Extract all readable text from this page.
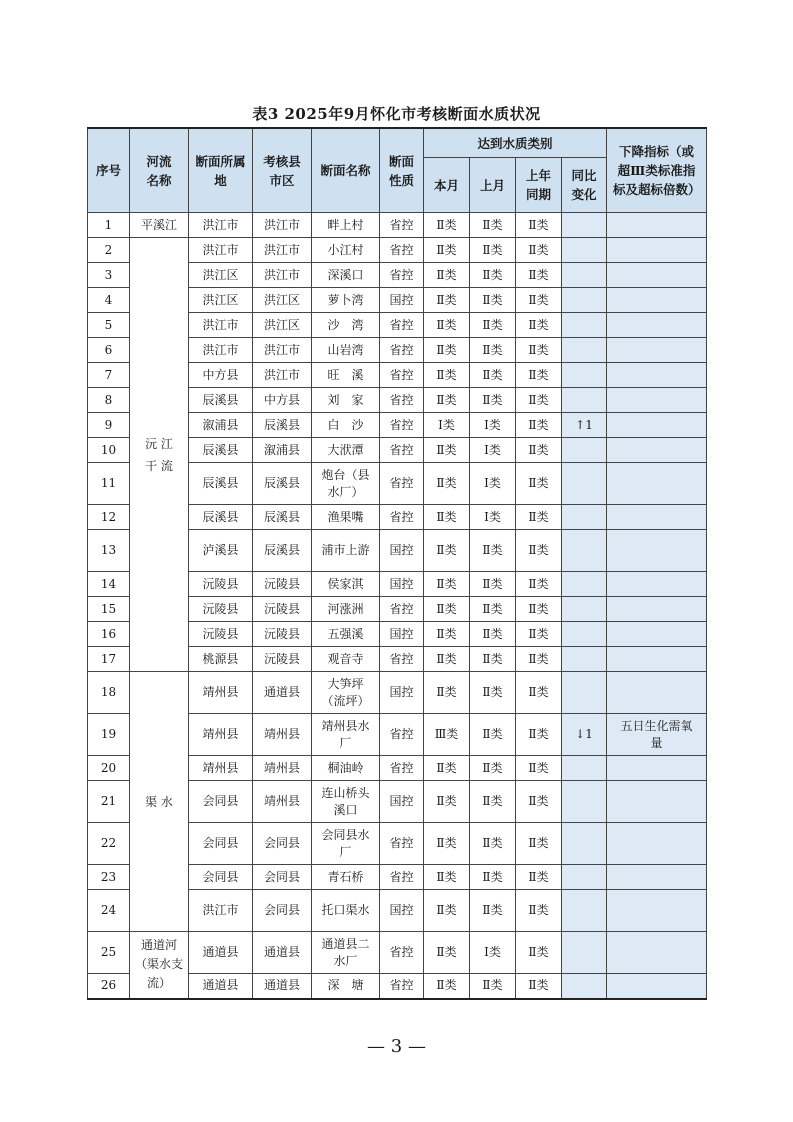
表3 2025年9月怀化市考核断面水质状况
序号	河流名称	断面所属地	考核县市区	断面名称	断面性质	达到水质类别				下降指标（或超Ⅲ类标准指标及超标倍数）
						本月	上月	上年同期	同比变化	
1	平溪江	洪江市	洪江市	畔上村	省控	Ⅱ类	Ⅱ类	Ⅱ类		
2	沅 江 干 流	洪江市	洪江市	小江村	省控	Ⅱ类	Ⅱ类	Ⅱ类		
3		洪江区	洪江市	深溪口	省控	Ⅱ类	Ⅱ类	Ⅱ类		
4		洪江区	洪江区	萝卜湾	国控	Ⅱ类	Ⅱ类	Ⅱ类		
5		洪江市	洪江区	沙　湾	省控	Ⅱ类	Ⅱ类	Ⅱ类		
6		洪江市	洪江市	山岩湾	省控	Ⅱ类	Ⅱ类	Ⅱ类		
7		中方县	洪江市	旺　溪	省控	Ⅱ类	Ⅱ类	Ⅱ类		
8		辰溪县	中方县	刘　家	省控	Ⅱ类	Ⅱ类	Ⅱ类		
9		溆浦县	辰溪县	白　沙	省控	Ⅰ类	Ⅰ类	Ⅱ类	↑1	
10		辰溪县	溆浦县	大洑潭	省控	Ⅱ类	Ⅰ类	Ⅱ类		
11		辰溪县	辰溪县	炮台（县水厂）	省控	Ⅱ类	Ⅰ类	Ⅱ类		
12		辰溪县	辰溪县	渔果嘴	省控	Ⅱ类	Ⅰ类	Ⅱ类		
13		泸溪县	辰溪县	浦市上游	国控	Ⅱ类	Ⅱ类	Ⅱ类		
14		沅陵县	沅陵县	侯家淇	国控	Ⅱ类	Ⅱ类	Ⅱ类		
15		沅陵县	沅陵县	河涨洲	省控	Ⅱ类	Ⅱ类	Ⅱ类		
16		沅陵县	沅陵县	五强溪	国控	Ⅱ类	Ⅱ类	Ⅱ类		
17		桃源县	沅陵县	观音寺	省控	Ⅱ类	Ⅱ类	Ⅱ类		
18	渠 水	靖州县	通道县	大笋坪（流坪）	国控	Ⅱ类	Ⅱ类	Ⅱ类		
19		靖州县	靖州县	靖州县水　厂	省控	Ⅲ类	Ⅱ类	Ⅱ类	↓1	五日生化需氧量
20		靖州县	靖州县	桐油岭	省控	Ⅱ类	Ⅱ类	Ⅱ类		
21		会同县	靖州县	连山桥头溪口	国控	Ⅱ类	Ⅱ类	Ⅱ类		
22		会同县	会同县	会同县水　厂	省控	Ⅱ类	Ⅱ类	Ⅱ类		
23		会同县	会同县	青石桥	省控	Ⅱ类	Ⅱ类	Ⅱ类		
24		洪江市	会同县	托口渠水	国控	Ⅱ类	Ⅱ类	Ⅱ类		
25	通道河（渠水支流）	通道县	通道县	通道县二水厂	省控	Ⅱ类	Ⅰ类	Ⅱ类		
26		通道县	通道县	深　塘	省控	Ⅱ类	Ⅱ类	Ⅱ类		
— 3 —
